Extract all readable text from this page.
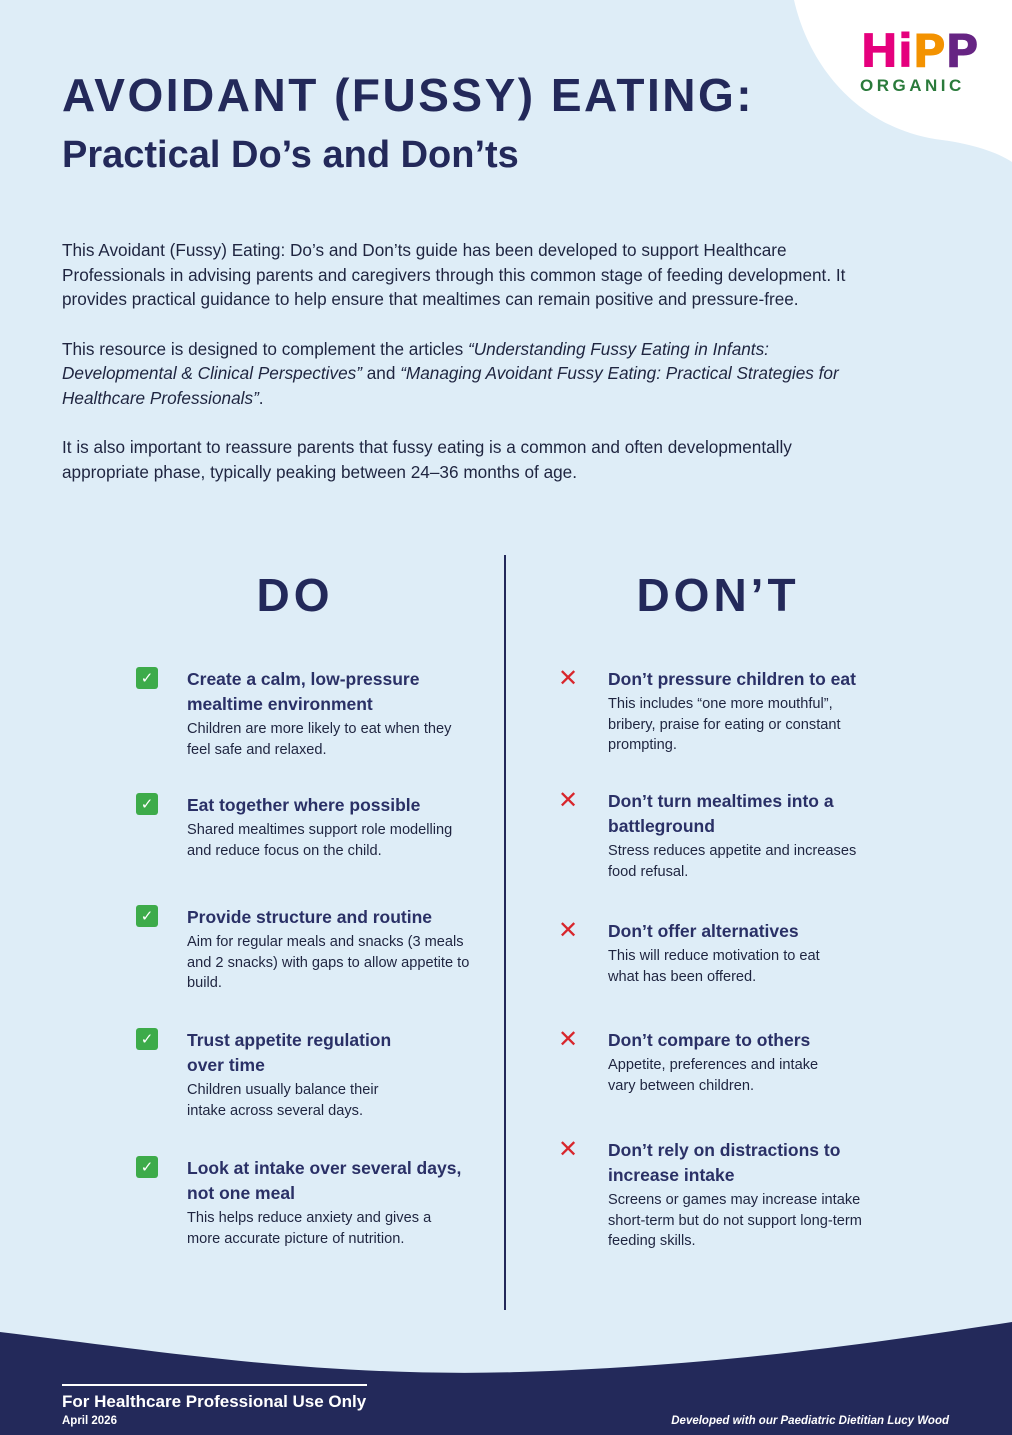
H i P P
ORGANIC
AVOIDANT (FUSSY) EATING:
Practical Do’s and Don’ts

This Avoidant (Fussy) Eating: Do’s and Don’ts guide has been developed to support Healthcare Professionals in advising parents and caregivers through this common stage of feeding development. It provides practical guidance to help ensure that mealtimes can remain positive and pressure-free.

This resource is designed to complement the articles “Understanding Fussy Eating in Infants: Developmental & Clinical Perspectives” and “Managing Avoidant Fussy Eating: Practical Strategies for Healthcare Professionals”.

It is also important to reassure parents that fussy eating is a common and often developmentally appropriate phase, typically peaking between 24–36 months of age.

DO	DON’T
✓ Create a calm, low-pressure mealtime environment

Children are more likely to eat when they feel safe and relaxed.

✓ Eat together where possible

Shared mealtimes support role modelling and reduce focus on the child.

✓ Provide structure and routine

Aim for regular meals and snacks (3 meals and 2 snacks) with gaps to allow appetite to build.

✓ Trust appetite regulation over time

Children usually balance their intake across several days.

✓ Look at intake over several days, not one meal

This helps reduce anxiety and gives a more accurate picture of nutrition.

✕ Don’t pressure children to eat

This includes “one more mouthful”, bribery, praise for eating or constant prompting.

✕ Don’t turn mealtimes into a battleground

Stress reduces appetite and increases food refusal.

✕ Don’t offer alternatives

This will reduce motivation to eat what has been offered.

✕ Don’t compare to others

Appetite, preferences and intake vary between children.

✕ Don’t rely on distractions to increase intake

Screens or games may increase intake short-term but do not support long-term feeding skills.

For Healthcare Professional Use Only

April 2026	Developed with our Paediatric Dietitian Lucy Wood
